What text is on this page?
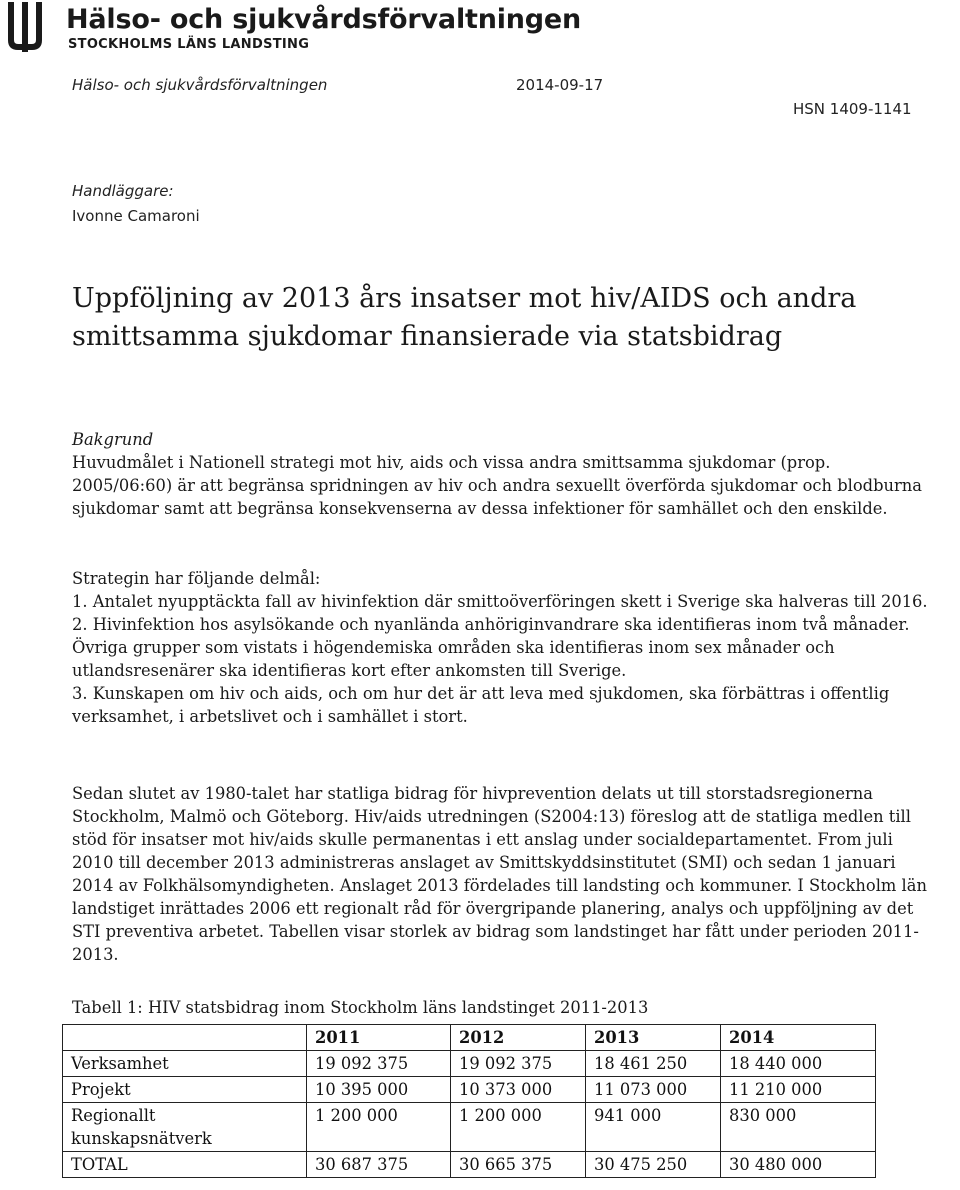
Hälso- och sjukvårdsförvaltningen
STOCKHOLMS LÄNS LANDSTING
Hälso- och sjukvårdsförvaltningen	2014-09-17
HSN 1409-1141
Handläggare:
Ivonne Camaroni
Uppföljning av 2013 års insatser mot hiv/AIDS och andra smittsamma sjukdomar finansierade via statsbidrag

Bakgrund

Huvudmålet i Nationell strategi mot hiv, aids och vissa andra smittsamma sjukdomar (prop. 2005/06:60) är att begränsa spridningen av hiv och andra sexuellt överförda sjukdomar och blodburna sjukdomar samt att begränsa konsekvenserna av dessa infektioner för samhället och den enskilde.

Strategin har följande delmål:

1. Antalet nyupptäckta fall av hivinfektion där smittoöverföringen skett i Sverige ska halveras till 2016.

2. Hivinfektion hos asylsökande och nyanlända anhöriginvandrare ska identifieras inom två månader. Övriga grupper som vistats i högendemiska områden ska identifieras inom sex månader och utlandsresenärer ska identifieras kort efter ankomsten till Sverige.

3. Kunskapen om hiv och aids, och om hur det är att leva med sjukdomen, ska förbättras i offentlig verksamhet, i arbetslivet och i samhället i stort.

Sedan slutet av 1980-talet har statliga bidrag för hivprevention delats ut till storstadsregionerna Stockholm, Malmö och Göteborg. Hiv/aids utredningen (S2004:13) föreslog att de statliga medlen till stöd för insatser mot hiv/aids skulle permanentas i ett anslag under socialdepartamentet. From juli 2010 till december 2013 administreras anslaget av Smittskyddsinstitutet (SMI) och sedan 1 januari 2014 av Folkhälsomyndigheten. Anslaget 2013 fördelades till landsting och kommuner. I Stockholm län landstiget inrättades 2006 ett regionalt råd för övergripande planering, analys och uppföljning av det STI preventiva arbetet. Tabellen visar storlek av bidrag som landstinget har fått under perioden 2011-2013.
Tabell 1: HIV statsbidrag inom Stockholm läns landstinget 2011-2013
	2011	2012	2013	2014
Verksamhet	19 092 375	19 092 375	18 461 250	18 440 000
Projekt	10 395 000	10 373 000	11 073 000	11 210 000
Regionallt kunskapsnätverk	1 200 000	1 200 000	941 000	830 000
TOTAL	30 687 375	30 665 375	30 475 250	30 480 000
